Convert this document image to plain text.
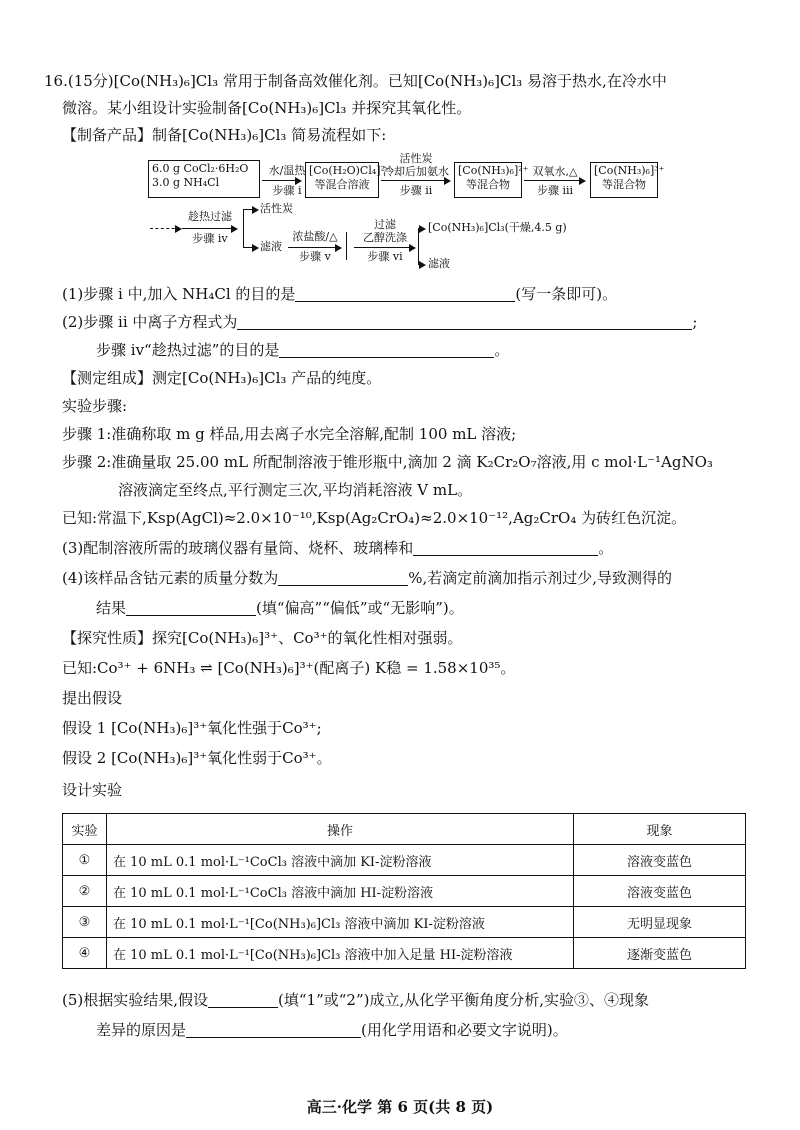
16.(15分)[Co(NH₃)₆]Cl₃ 常用于制备高效催化剂。已知[Co(NH₃)₆]Cl₃ 易溶于热水,在冷水中
微溶。某小组设计实验制备[Co(NH₃)₆]Cl₃ 并探究其氧化性。
【制备产品】制备[Co(NH₃)₆]Cl₃ 简易流程如下:
6.0 g CoCl₂·6H₂O
3.0 g NH₄Cl
水/温热
步骤 i
[Co(H₂O)Cl₄]²⁻
等混合溶液
活性炭
冷却后加氨水
步骤 ii
[Co(NH₃)₆]²⁺
等混合物
双氧水,△
步骤 iii
[Co(NH₃)₆]³⁺
等混合物
趁热过滤
步骤 iv
活性炭
滤液
浓盐酸/△
步骤 v
过滤
乙醇洗涤
步骤 vi
[Co(NH₃)₆]Cl₃(干燥,4.5 g)
滤液
(1)步骤 i 中,加入 NH₄Cl 的目的是	(写一条即可)。
(2)步骤 ii 中离子方程式为	;
步骤 iv“趁热过滤”的目的是	。
【测定组成】测定[Co(NH₃)₆]Cl₃ 产品的纯度。
实验步骤:
步骤 1:准确称取 m g 样品,用去离子水完全溶解,配制 100 mL 溶液;
步骤 2:准确量取 25.00 mL 所配制溶液于锥形瓶中,滴加 2 滴 K₂Cr₂O₇溶液,用 c mol·L⁻¹AgNO₃
溶液滴定至终点,平行测定三次,平均消耗溶液 V mL。
已知:常温下,Ksp(AgCl)≈2.0×10⁻¹⁰,Ksp(Ag₂CrO₄)≈2.0×10⁻¹²,Ag₂CrO₄ 为砖红色沉淀。
(3)配制溶液所需的玻璃仪器有量筒、烧杯、玻璃棒和	。
(4)该样品含钴元素的质量分数为	%,若滴定前滴加指示剂过少,导致测得的
结果	(填“偏高”“偏低”或“无影响”)。
【探究性质】探究[Co(NH₃)₆]³⁺、Co³⁺的氧化性相对强弱。
已知:Co³⁺ + 6NH₃ ⇌ [Co(NH₃)₆]³⁺(配离子) K稳 = 1.58×10³⁵。
提出假设
假设 1 [Co(NH₃)₆]³⁺氧化性强于Co³⁺;
假设 2 [Co(NH₃)₆]³⁺氧化性弱于Co³⁺。
设计实验
实验	操作	现象
①	在 10 mL 0.1 mol·L⁻¹CoCl₃ 溶液中滴加 KI-淀粉溶液	溶液变蓝色
②	在 10 mL 0.1 mol·L⁻¹CoCl₃ 溶液中滴加 HI-淀粉溶液	溶液变蓝色
③	在 10 mL 0.1 mol·L⁻¹[Co(NH₃)₆]Cl₃ 溶液中滴加 KI-淀粉溶液	无明显现象
④	在 10 mL 0.1 mol·L⁻¹[Co(NH₃)₆]Cl₃ 溶液中加入足量 HI-淀粉溶液	逐渐变蓝色
(5)根据实验结果,假设	(填“1”或“2”)成立,从化学平衡角度分析,实验③、④现象
差异的原因是	(用化学用语和必要文字说明)。
高三·化学 第 6 页(共 8 页)
